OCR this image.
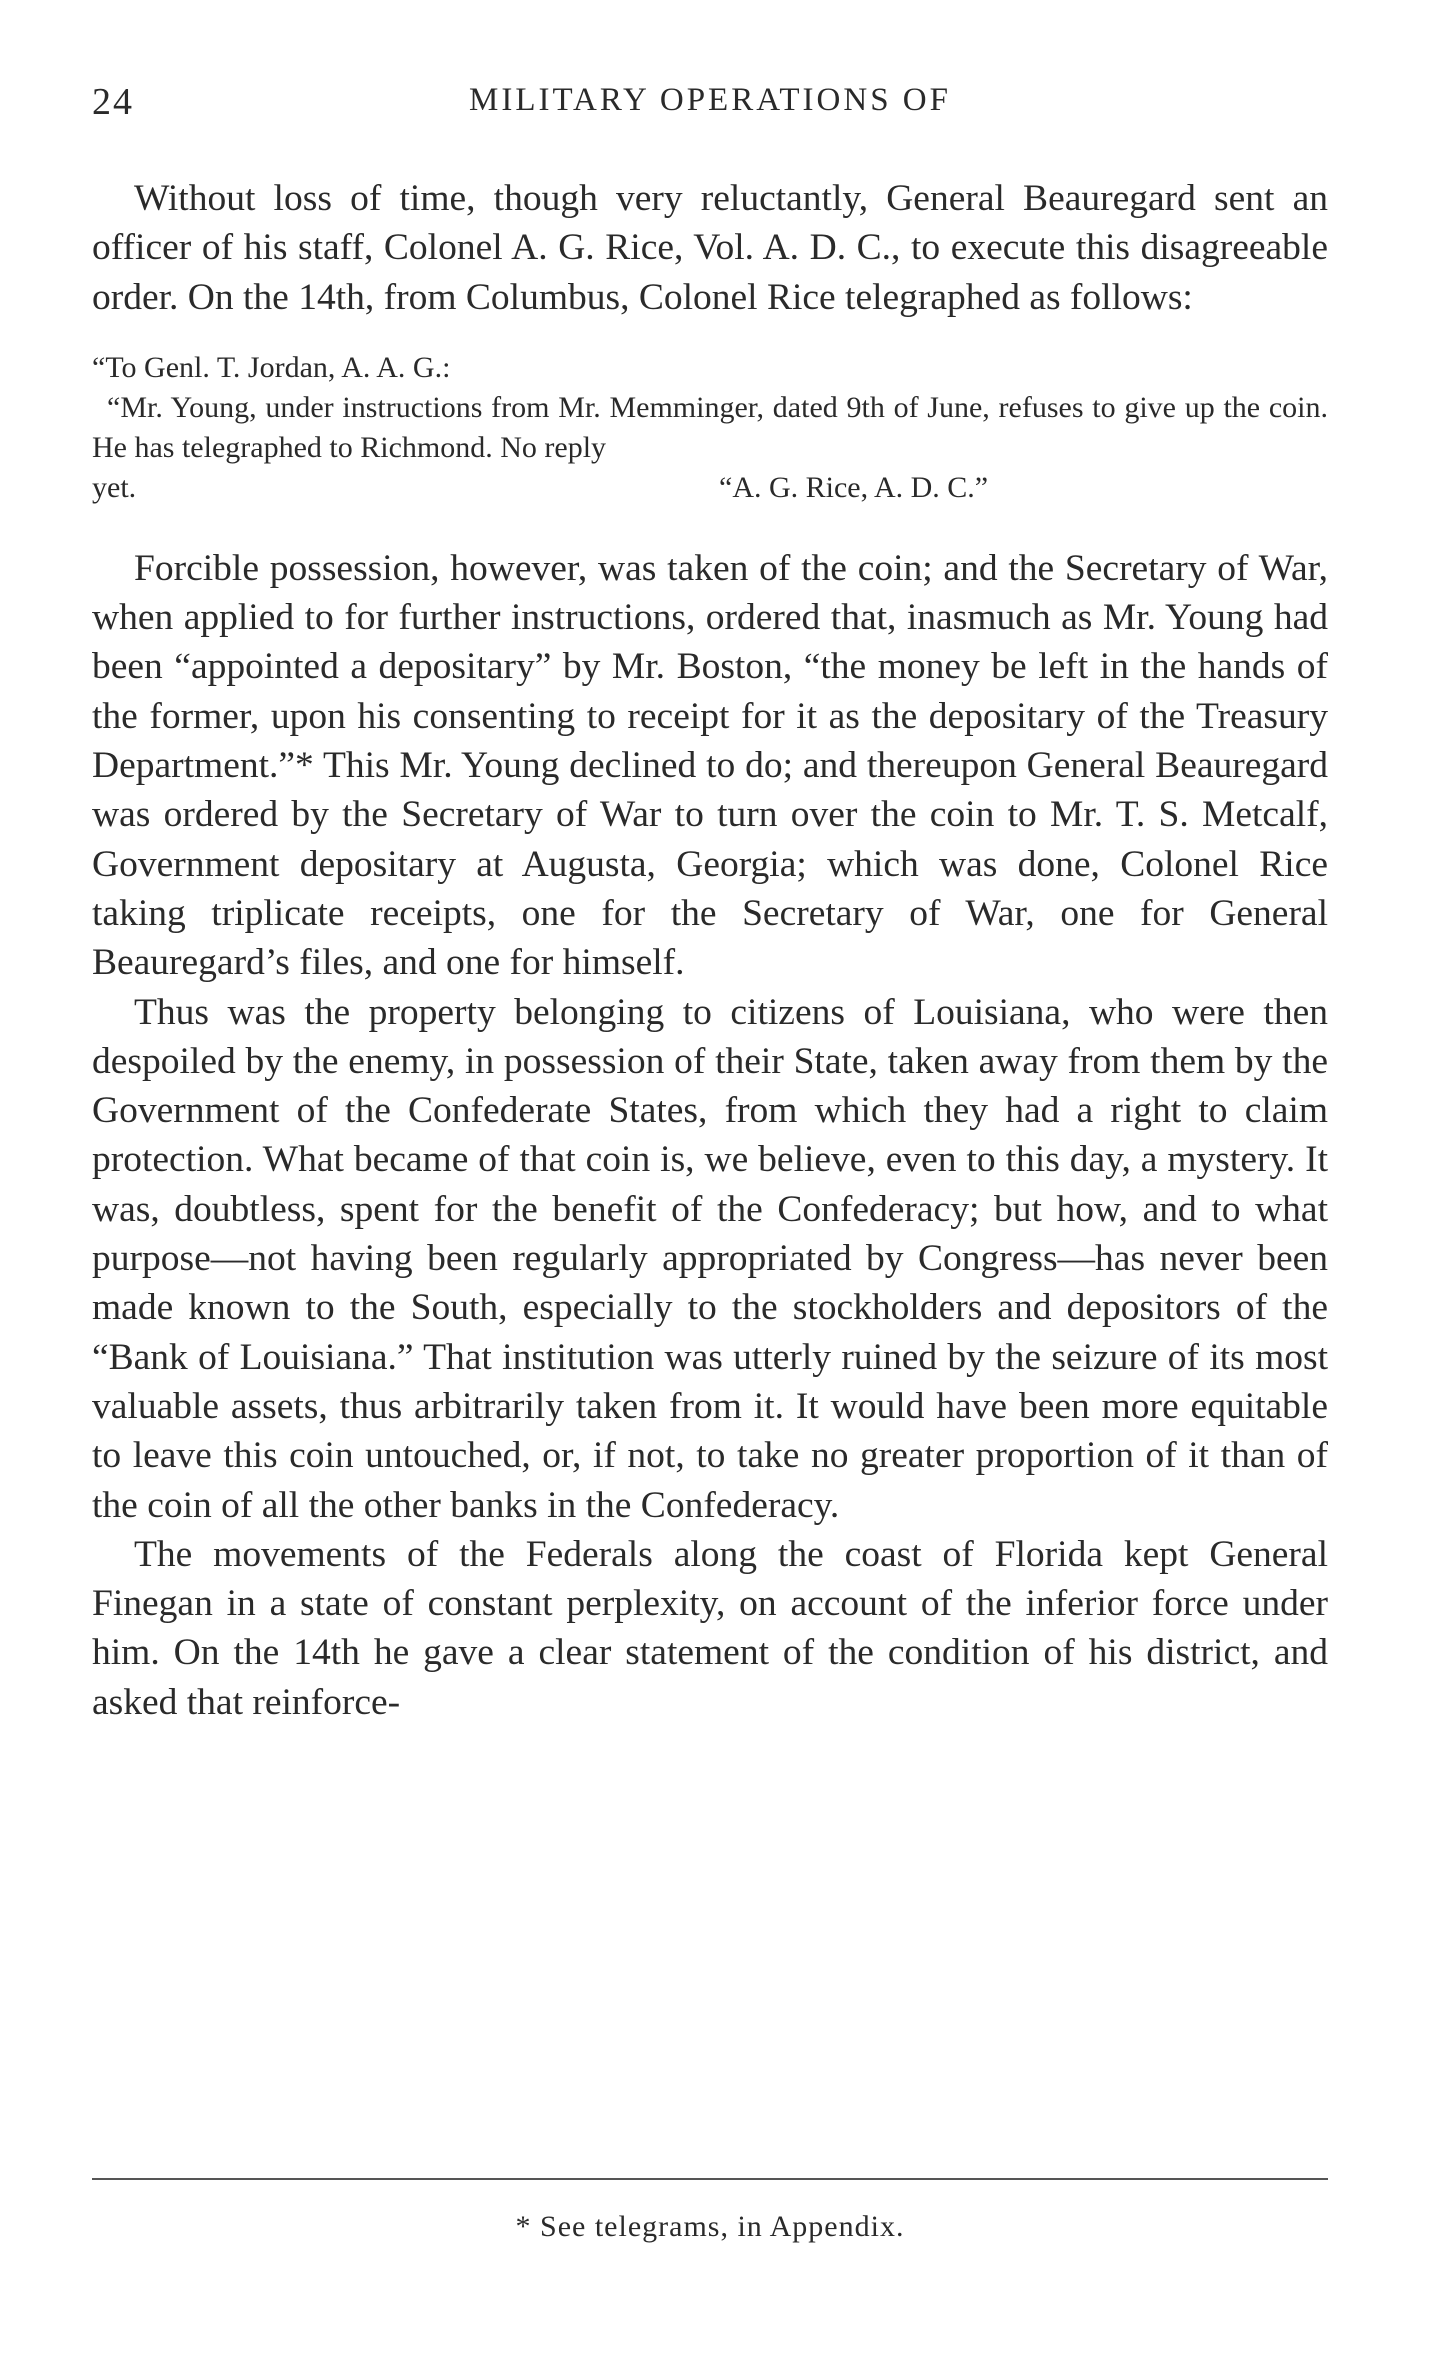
24	MILITARY OPERATIONS OF

Without loss of time, though very reluctantly, General Beauregard sent an officer of his staff, Colonel A. G. Rice, Vol. A. D. C., to execute this disagreeable order. On the 14th, from Columbus, Colonel Rice telegraphed as follows:

“To Genl. T. Jordan, A. A. G.:

“Mr. Young, under instructions from Mr. Memminger, dated 9th of June, refuses to give up the coin. He has telegraphed to Richmond. No reply

yet.	“A. G. Rice, A. D. C.”

Forcible possession, however, was taken of the coin; and the Secretary of War, when applied to for further instructions, ordered that, inasmuch as Mr. Young had been “appointed a depositary” by Mr. Boston, “the money be left in the hands of the former, upon his consenting to receipt for it as the depositary of the Treasury Department.”* This Mr. Young declined to do; and thereupon General Beauregard was ordered by the Secretary of War to turn over the coin to Mr. T. S. Metcalf, Government depositary at Augusta, Georgia; which was done, Colonel Rice taking triplicate receipts, one for the Secretary of War, one for General Beauregard’s files, and one for himself.

Thus was the property belonging to citizens of Louisiana, who were then despoiled by the enemy, in possession of their State, taken away from them by the Government of the Confederate States, from which they had a right to claim protection. What became of that coin is, we believe, even to this day, a mystery. It was, doubtless, spent for the benefit of the Confederacy; but how, and to what purpose—not having been regularly appropriated by Congress—has never been made known to the South, especially to the stockholders and depositors of the “Bank of Louisiana.” That institution was utterly ruined by the seizure of its most valuable assets, thus arbitrarily taken from it. It would have been more equitable to leave this coin untouched, or, if not, to take no greater proportion of it than of the coin of all the other banks in the Confederacy.

The movements of the Federals along the coast of Florida kept General Finegan in a state of constant perplexity, on account of the inferior force under him. On the 14th he gave a clear statement of the condition of his district, and asked that reinforce-

* See telegrams, in Appendix.
